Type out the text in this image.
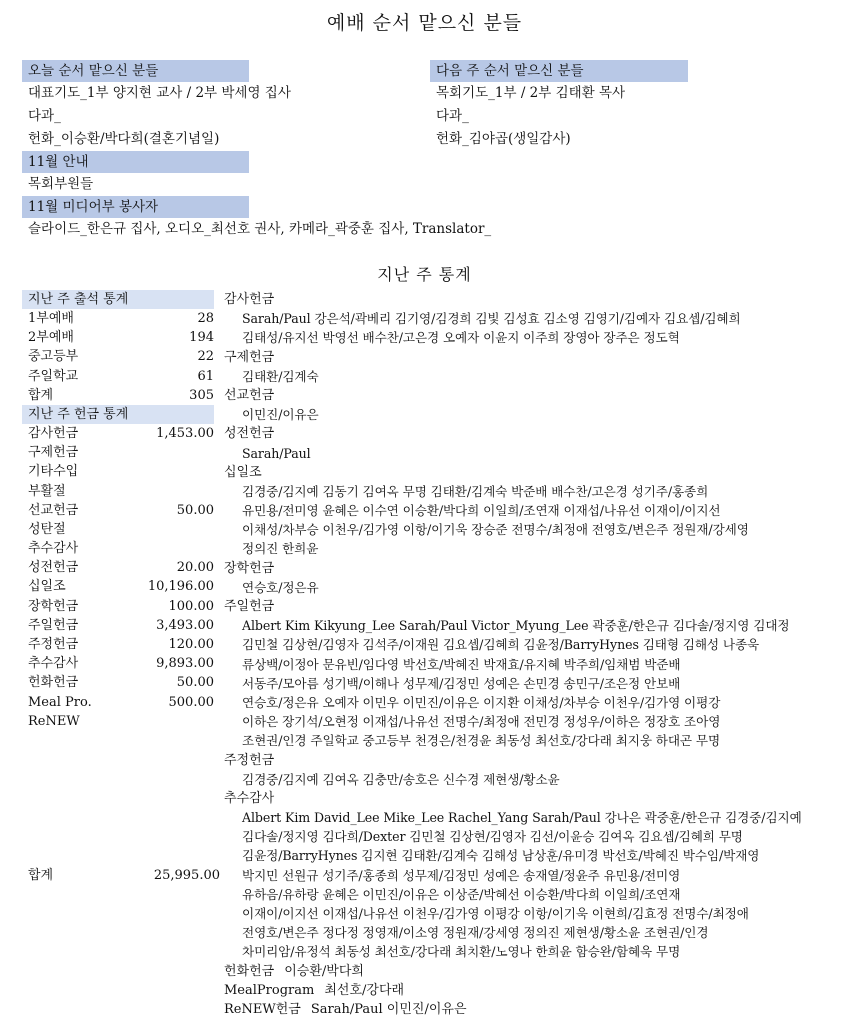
예배 순서 맡으신 분들
오늘 순서 맡으신 분들
대표기도_1부 양지현 교사 / 2부 박세영 집사
다과_
헌화_이승환/박다희(결혼기념일)
11월 안내
목회부원들
11월 미디어부 봉사자
슬라이드_한은규 집사, 오디오_최선호 권사, 카메라_곽중훈 집사, Translator_
다음 주 순서 맡으신 분들
목회기도_1부 / 2부 김태환 목사
다과_
헌화_김야곱(생일감사)
지난 주 통계
지난 주 출석 통계
1부예배	28
2부예배	194
중고등부	22
주일학교	61
합계	305
지난 주 헌금 통계
감사헌금	1,453.00
구제헌금
기타수입
부활절
선교헌금	50.00
성탄절
추수감사
성전헌금	20.00
십일조	10,196.00
장학헌금	100.00
주일헌금	3,493.00
주정헌금	120.00
추수감사	9,893.00
헌화헌금	50.00
Meal Pro.	500.00
ReNEW
합계	25,995.00
감사헌금
Sarah/Paul 강은석/곽베리 김기영/김경희 김빛 김성효 김소영 김영기/김예자 김요셉/김혜희
김태성/유지선 박영선 배수찬/고은경 오예자 이윤지 이주희 장영아 장주은 정도혁
구제헌금
김태환/김계숙
선교헌금
이민진/이유은
성전헌금
Sarah/Paul
십일조
김경중/김지예 김동기 김여옥 무명 김태환/김계숙 박준배 배수찬/고은경 성기주/홍종희
유민용/전미영 윤혜은 이수연 이승환/박다희 이일희/조연재 이재섭/나유선 이재이/이지선
이채성/차부승 이천우/김가영 이항/이기욱 장승준 전명수/최정애 전영호/변은주 정원재/강세영
정의진 한희윤
장학헌금
연승호/정은유
주일헌금
Albert Kim Kikyung_Lee Sarah/Paul Victor_Myung_Lee 곽중훈/한은규 김다솔/정지영 김대정
김민철 김상현/김영자 김석주/이재원 김요셉/김혜희 김윤정/BarryHynes 김태형 김해성 나종욱
류상백/이정아 문유빈/임다영 박선호/박혜진 박재효/유지혜 박주희/임채범 박준배
서동주/모아름 성기백/이해나 성무제/김정민 성예은 손민경 송민구/조은정 안보배
연승호/정은유 오예자 이민우 이민진/이유은 이지환 이채성/차부승 이천우/김가영 이평강
이하은 장기석/오현정 이재섭/나유선 전명수/최정애 전민경 정성우/이하은 정장호 조아영
조현권/인경 주일학교 중고등부 천경은/천경윤 최동성 최선호/강다래 최지웅 하대곤 무명
주정헌금
김경중/김지예 김여옥 김충만/송호은 신수경 제현생/황소윤
추수감사
Albert Kim David_Lee Mike_Lee Rachel_Yang Sarah/Paul 강나은 곽중훈/한은규 김경중/김지예
김다솔/정지영 김다희/Dexter 김민철 김상현/김영자 김선/이윤승 김여옥 김요셉/김혜희 무명
김윤정/BarryHynes 김지현 김태환/김계숙 김해성 남상훈/유미경 박선호/박혜진 박수임/박재영
박지민 선원규 성기주/홍종희 성무제/김정민 성예은 송재열/정윤주 유민용/전미영
유하음/유하랑 윤혜은 이민진/이유은 이상준/박혜선 이승환/박다희 이일희/조연재
이재이/이지선 이재섭/나유선 이천우/김가영 이평강 이항/이기욱 이현희/김효정 전명수/최정애
전영호/변은주 정다정 정영재/이소영 정원재/강세영 정의진 제현생/황소윤 조현권/인경
차미리암/유정석 최동성 최선호/강다래 최치환/노영나 한희윤 함승완/함혜욱 무명
헌화헌금 이승환/박다희
MealProgram 최선호/강다래
ReNEW헌금 Sarah/Paul 이민진/이유은
